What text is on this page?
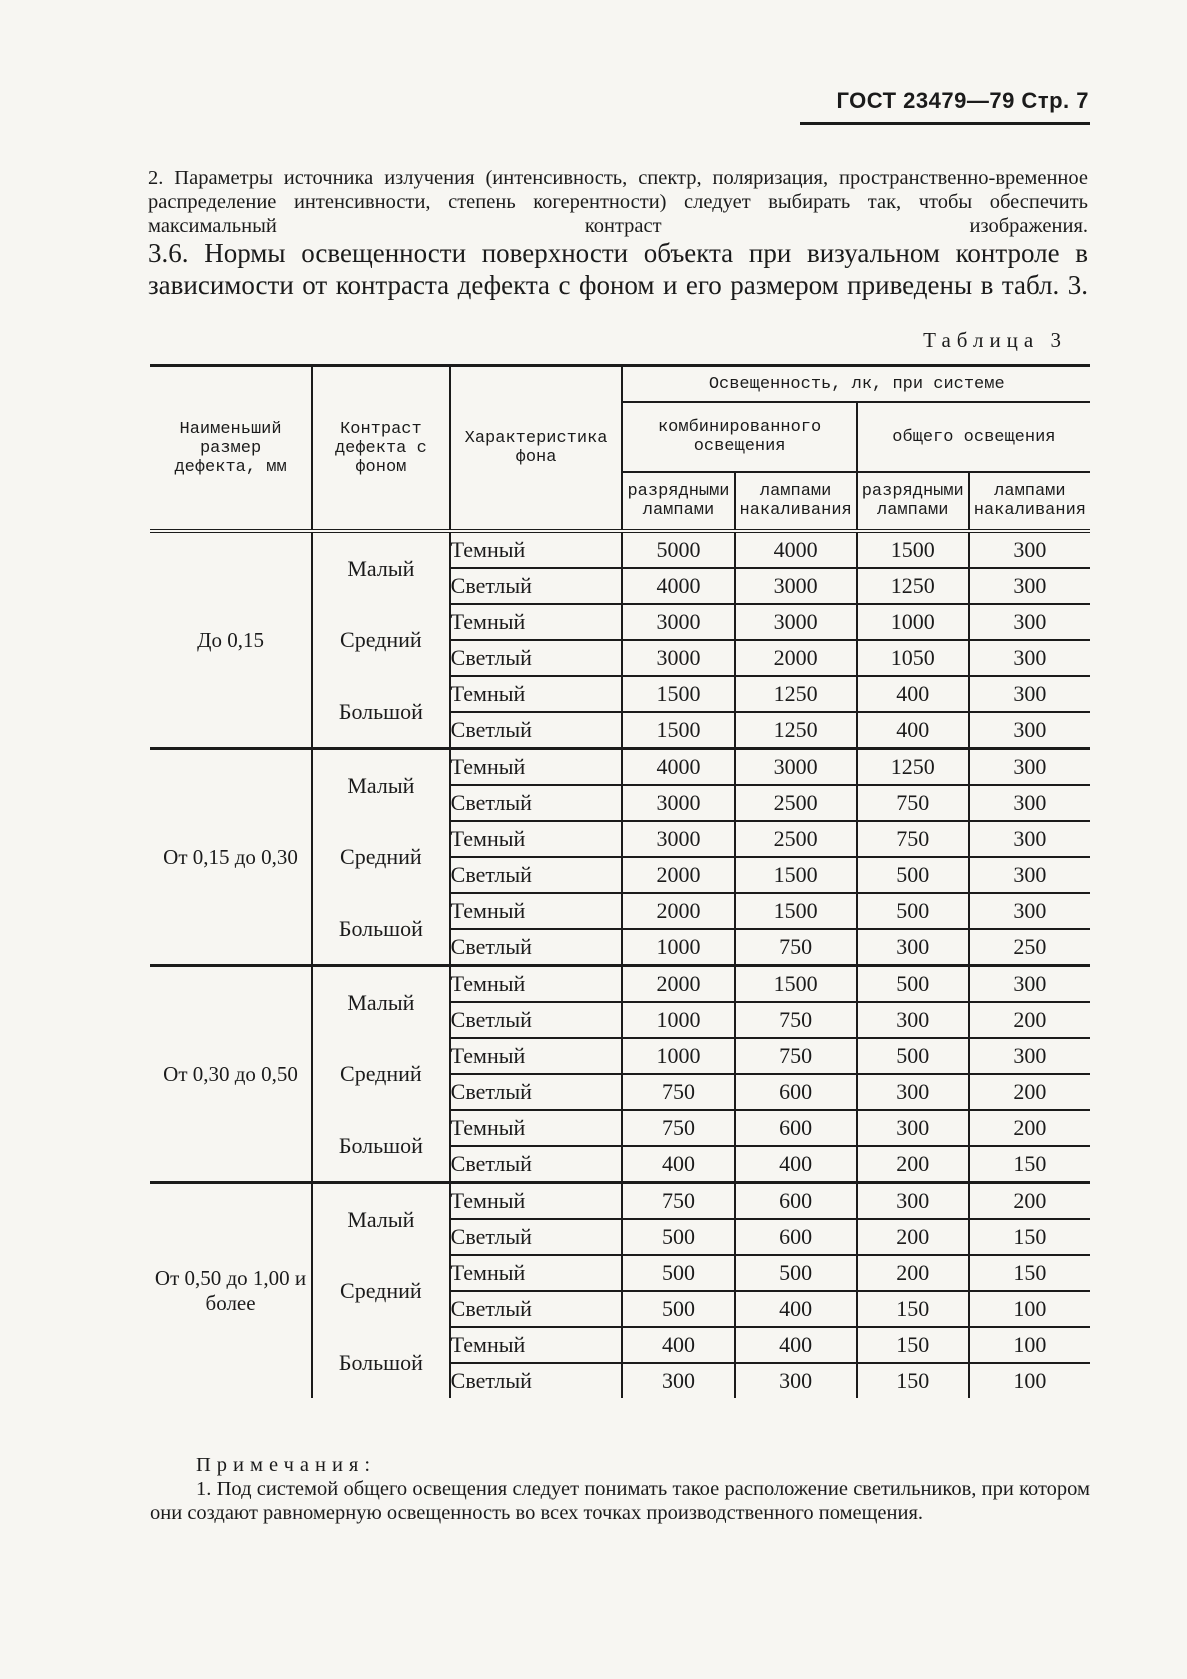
ГОСТ 23479—79 Стр. 7
2. Параметры источника излучения (интенсивность, спектр, поляризация, пространственно-временное распределение интенсивности, степень когерентности) следует выбирать так, чтобы обеспечить максимальный контраст изображения.
3.6. Нормы освещенности поверхности объекта при визуальном контроле в зависимости от контраста дефекта с фоном и его размером приведены в табл. 3.
Таблица 3
Наименьший размер дефекта, мм	Контраст дефекта с фоном	Характеристика фона	Освещенность, лк, при системе			
			комбинированного освещения		общего освещения	
			разрядными лампами	лампами накаливания	разрядными лампами	лампами накаливания
До 0,15	Малый	Темный	5000	4000	1500	300
		Светлый	4000	3000	1250	300
	Средний	Темный	3000	3000	1000	300
		Светлый	3000	2000	1050	300
	Большой	Темный	1500	1250	400	300
		Светлый	1500	1250	400	300
От 0,15 до 0,30	Малый	Темный	4000	3000	1250	300
		Светлый	3000	2500	750	300
	Средний	Темный	3000	2500	750	300
		Светлый	2000	1500	500	300
	Большой	Темный	2000	1500	500	300
		Светлый	1000	750	300	250
От 0,30 до 0,50	Малый	Темный	2000	1500	500	300
		Светлый	1000	750	300	200
	Средний	Темный	1000	750	500	300
		Светлый	750	600	300	200
	Большой	Темный	750	600	300	200
		Светлый	400	400	200	150
От 0,50 до 1,00 и более	Малый	Темный	750	600	300	200
		Светлый	500	600	200	150
	Средний	Темный	500	500	200	150
		Светлый	500	400	150	100
	Большой	Темный	400	400	150	100
		Светлый	300	300	150	100
Примечания:
1. Под системой общего освещения следует понимать такое расположение светильников, при котором они создают равномерную освещенность во всех точках производственного помещения.
